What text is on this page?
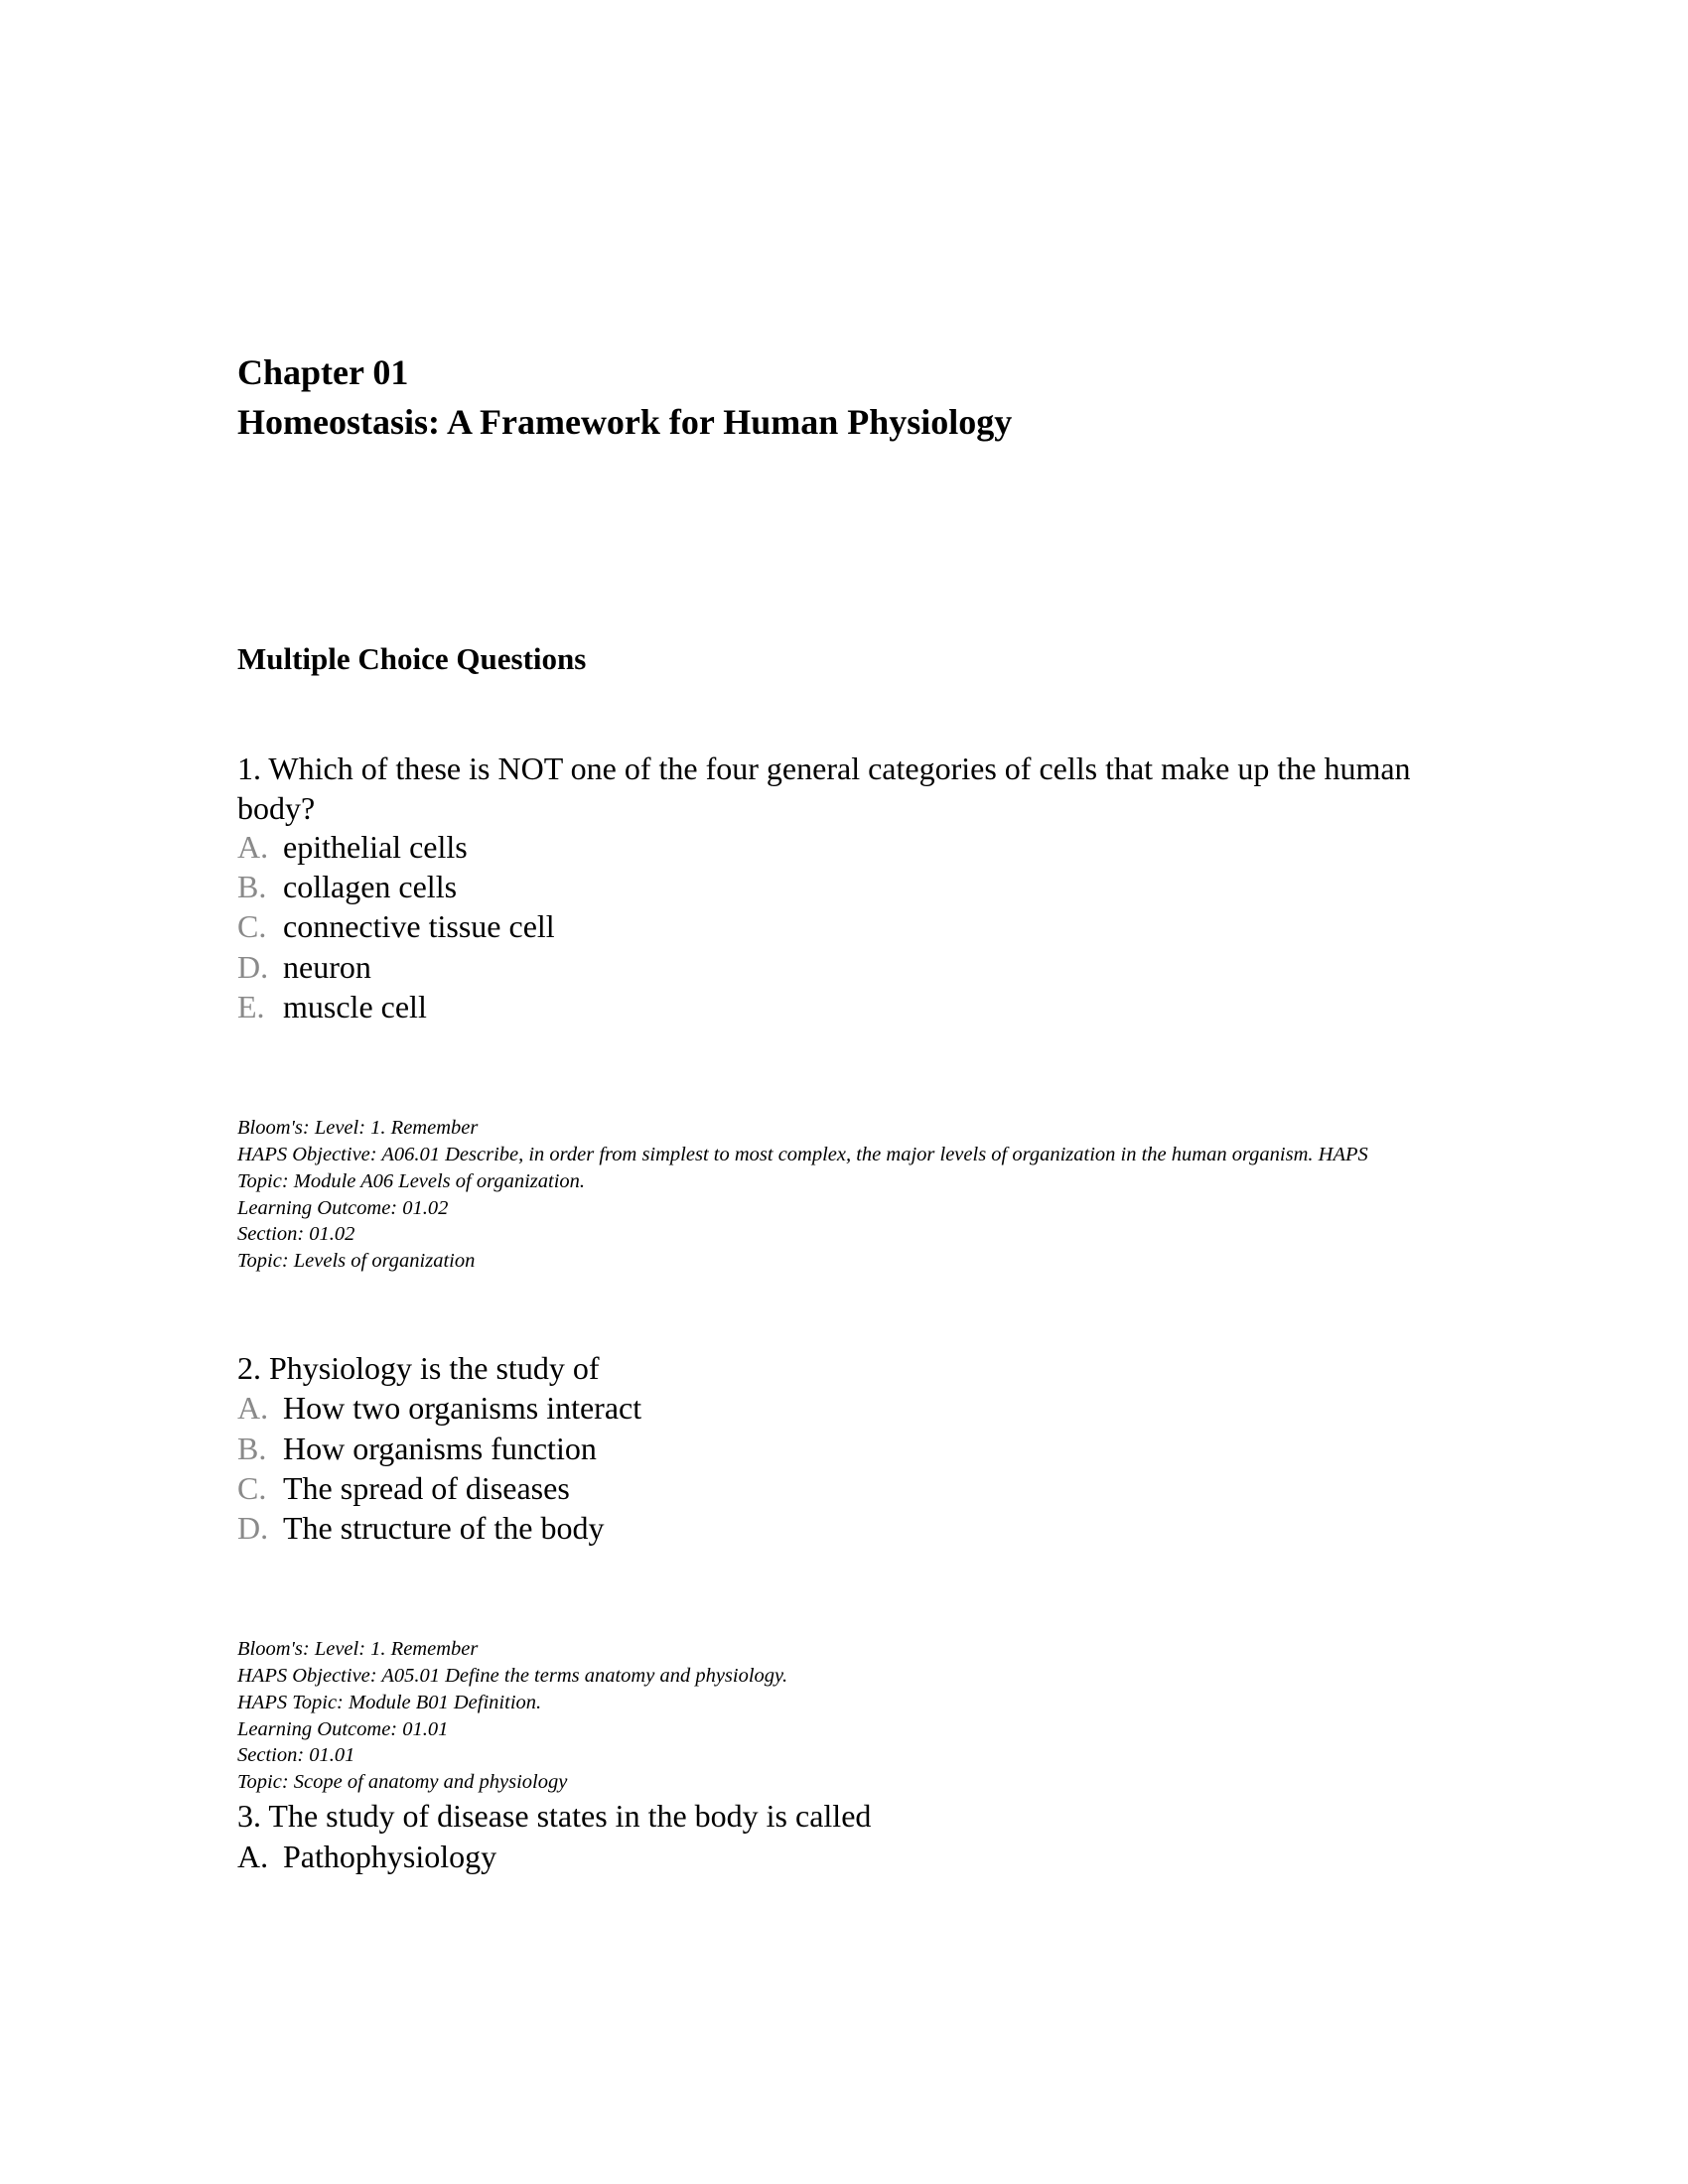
Chapter 01
Homeostasis: A Framework for Human Physiology
Multiple Choice Questions
1. Which of these is NOT one of the four general categories of cells that make up the human
body?
A. epithelial cells
B. collagen cells
C. connective tissue cell
D. neuron
E. muscle cell
Bloom's: Level: 1. Remember
HAPS Objective: A06.01 Describe, in order from simplest to most complex, the major levels of organization in the human organism. HAPS
Topic: Module A06 Levels of organization.
Learning Outcome: 01.02
Section: 01.02
Topic: Levels of organization
2. Physiology is the study of
A. How two organisms interact
B. How organisms function
C. The spread of diseases
D. The structure of the body
Bloom's: Level: 1. Remember
HAPS Objective: A05.01 Define the terms anatomy and physiology.
HAPS Topic: Module B01 Definition.
Learning Outcome: 01.01
Section: 01.01
Topic: Scope of anatomy and physiology
3. The study of disease states in the body is called
A. Pathophysiology
